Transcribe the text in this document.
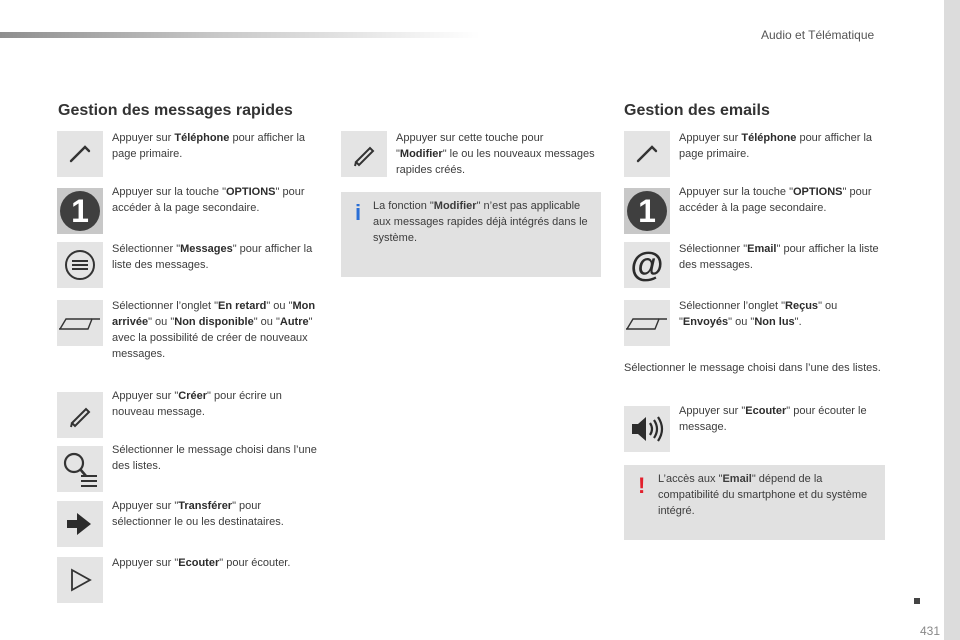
Audio et Télématique
Gestion des messages rapides
Appuyer sur Téléphone pour afficher la page primaire.
1
Appuyer sur la touche "OPTIONS" pour accéder à la page secondaire.
Sélectionner "Messages" pour afficher la liste des messages.
Sélectionner l’onglet "En retard" ou "Mon arrivée" ou "Non disponible" ou "Autre" avec la possibilité de créer de nouveaux messages.
Appuyer sur "Créer" pour écrire un nouveau message.
Sélectionner le message choisi dans l’une des listes.
Appuyer sur "Transférer" pour sélectionner le ou les destinataires.
Appuyer sur "Ecouter" pour écouter.
Appuyer sur cette touche pour "Modifier" le ou les nouveaux messages rapides créés.
i La fonction "Modifier" n’est pas applicable aux messages rapides déjà intégrés dans le système.
Gestion des emails
Appuyer sur Téléphone pour afficher la page primaire.
1
Appuyer sur la touche "OPTIONS" pour accéder à la page secondaire.
@ Sélectionner "Email" pour afficher la liste des messages.
Sélectionner l’onglet "Reçus" ou "Envoyés" ou "Non lus".
Sélectionner le message choisi dans l’une des listes.
Appuyer sur "Ecouter" pour écouter le message.
! L’accès aux "Email" dépend de la compatibilité du smartphone et du système intégré.
431
